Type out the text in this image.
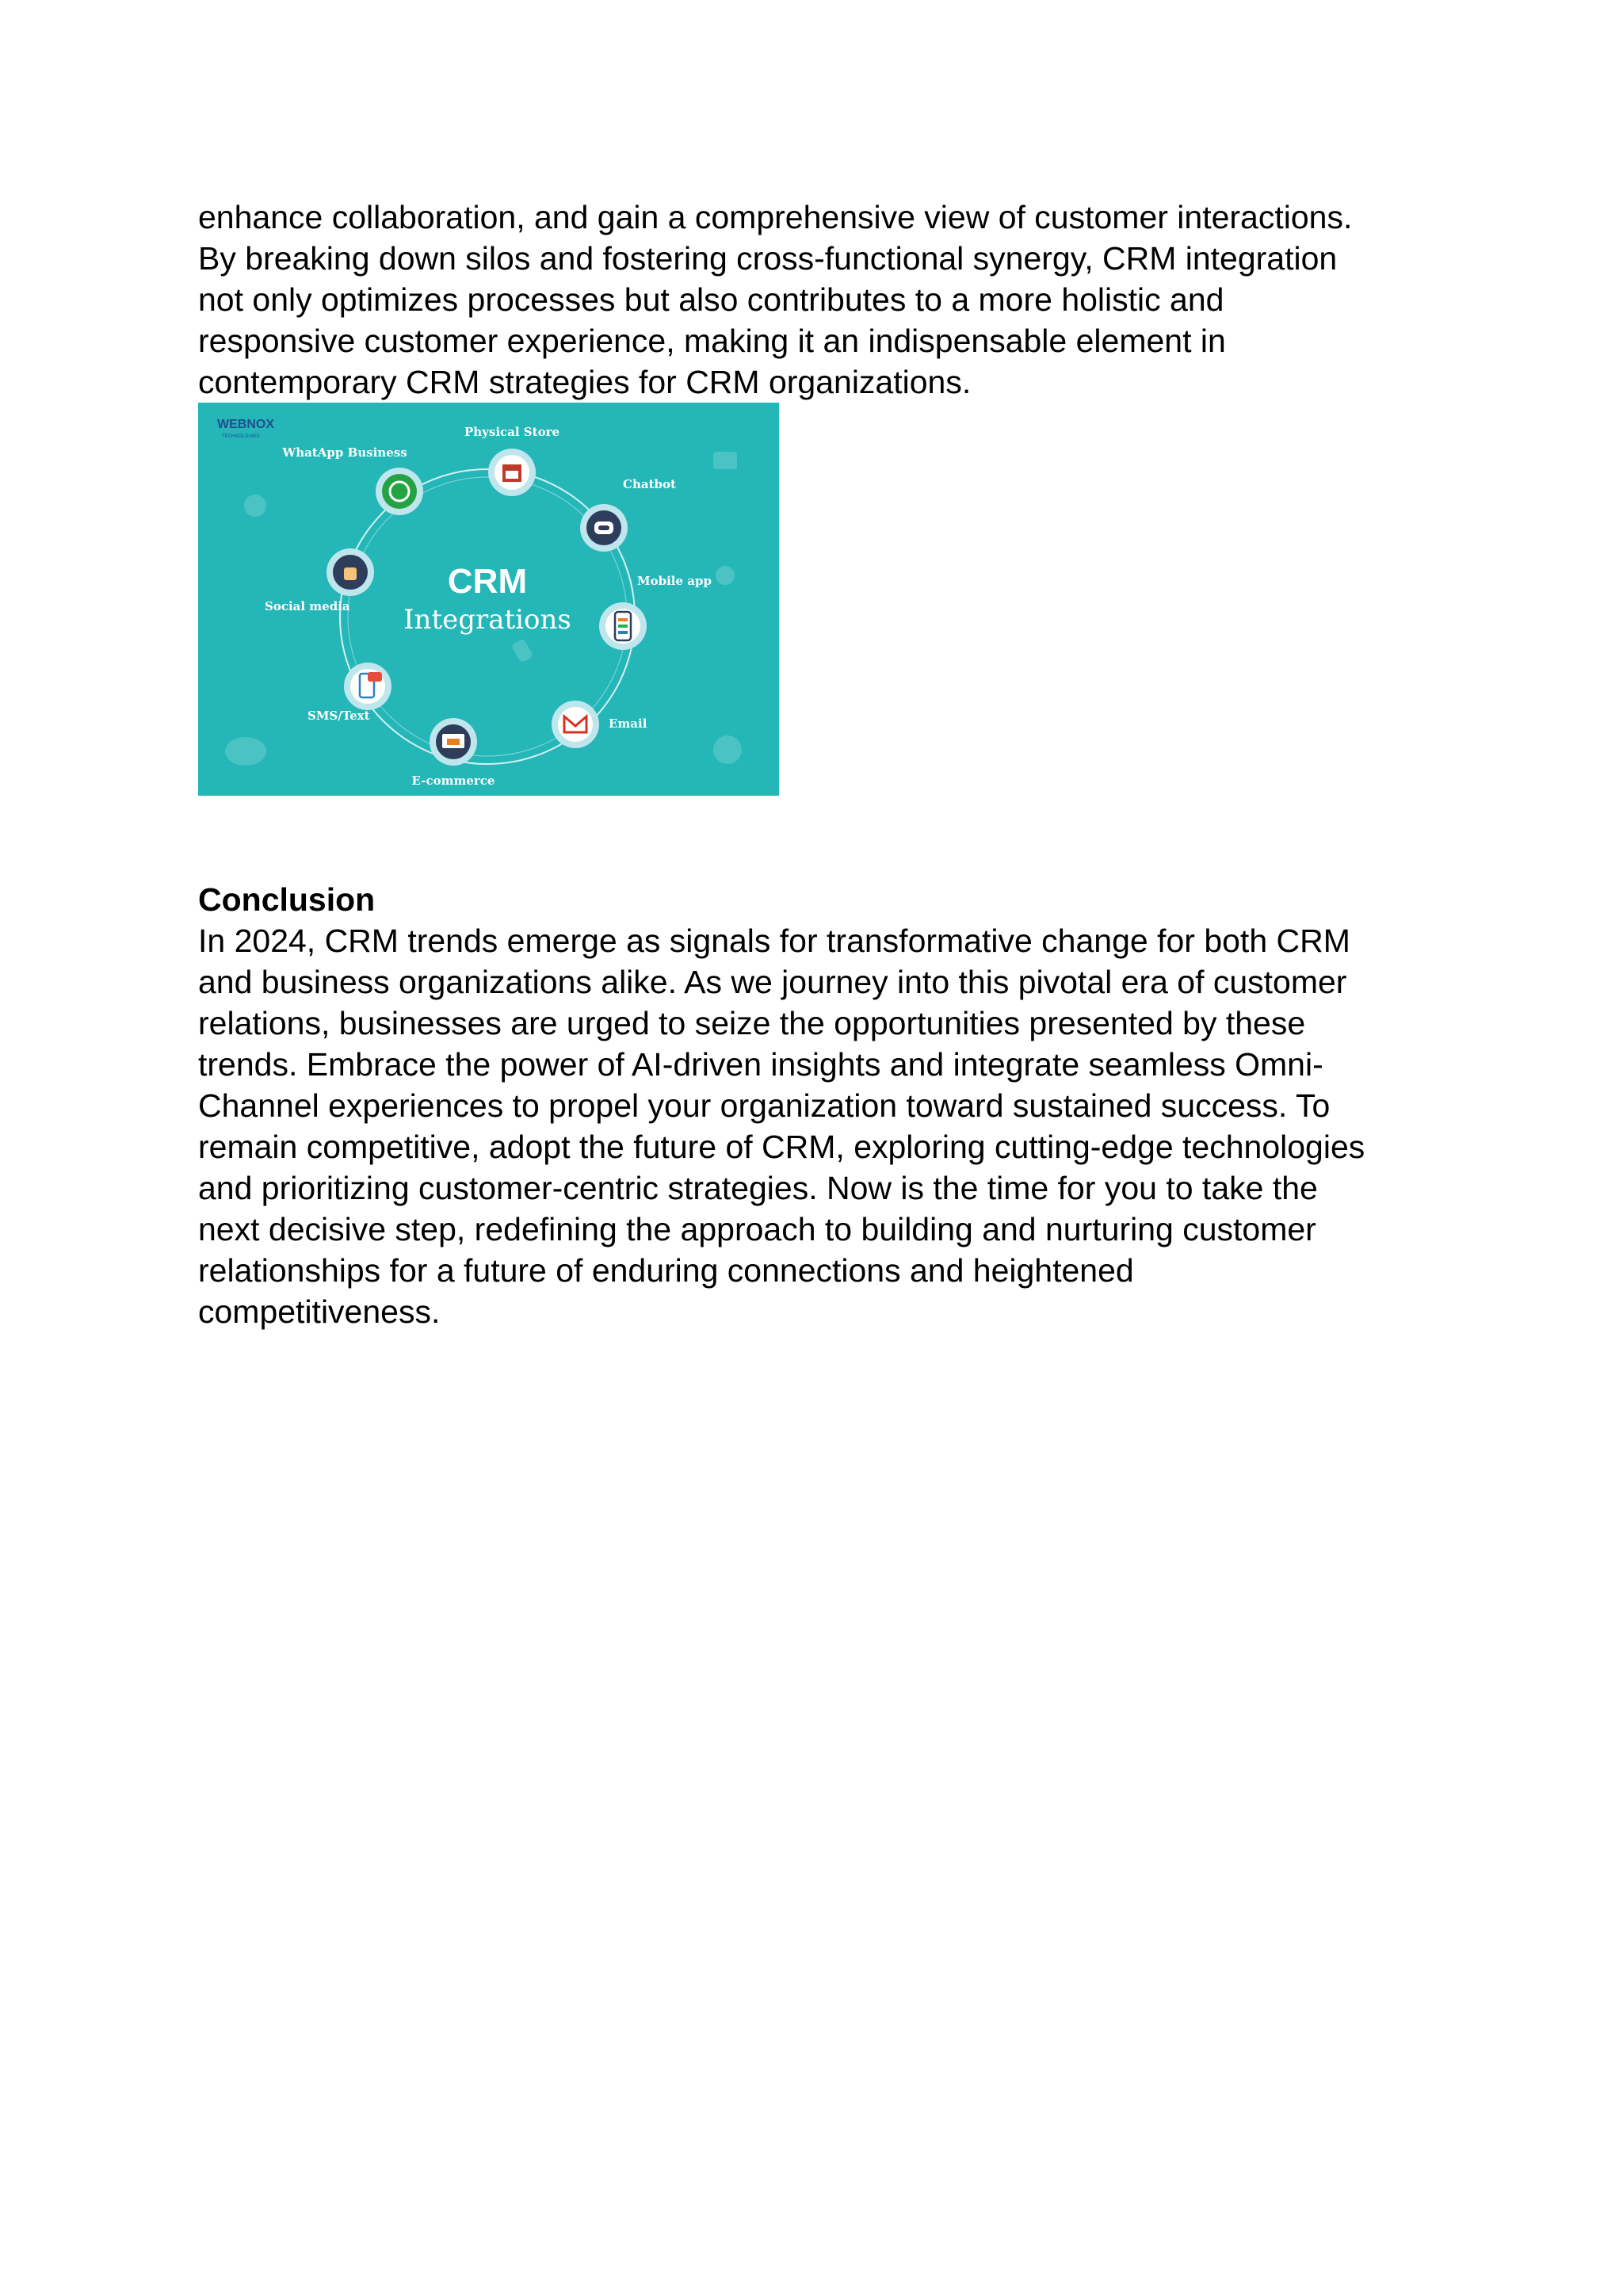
enhance collaboration, and gain a comprehensive view of customer interactions.
By breaking down silos and fostering cross-functional synergy, CRM integration
not only optimizes processes but also contributes to a more holistic and
responsive customer experience, making it an indispensable element in
contemporary CRM strategies for CRM organizations.

WEBNOX
TECHNOLOGIES
CRM
Integrations
Physical Store
WhatApp Business
Chatbot
Social media
Mobile app
SMS/Text
Email
E-commerce

Conclusion

In 2024, CRM trends emerge as signals for transformative change for both CRM
and business organizations alike. As we journey into this pivotal era of customer
relations, businesses are urged to seize the opportunities presented by these
trends. Embrace the power of AI-driven insights and integrate seamless Omni-
Channel experiences to propel your organization toward sustained success. To
remain competitive, adopt the future of CRM, exploring cutting-edge technologies
and prioritizing customer-centric strategies. Now is the time for you to take the
next decisive step, redefining the approach to building and nurturing customer
relationships for a future of enduring connections and heightened
competitiveness.
